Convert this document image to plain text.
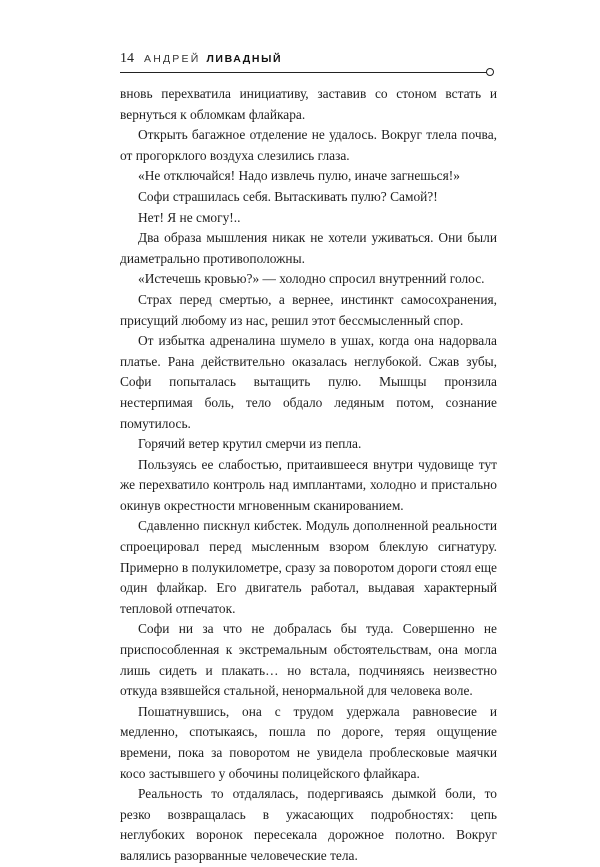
14 АНДРЕЙ ЛИВАДНЫЙ

вновь перехватила инициативу, заставив со стоном встать и вернуться к обломкам флайкара.

Открыть багажное отделение не удалось. Вокруг тлела почва, от прогорклого воздуха слезились глаза.

«Не отключайся! Надо извлечь пулю, иначе загнешься!»

Софи страшилась себя. Вытаскивать пулю? Самой?!

Нет! Я не смогу!..

Два образа мышления никак не хотели уживаться. Они были диаметрально противоположны.

«Истечешь кровью?» — холодно спросил внутренний голос.

Страх перед смертью, а вернее, инстинкт самосохранения, присущий любому из нас, решил этот бессмысленный спор.

От избытка адреналина шумело в ушах, когда она надорвала платье. Рана действительно оказалась неглубокой. Сжав зубы, Софи попыталась вытащить пулю. Мышцы пронзила нестерпимая боль, тело обдало ледяным потом, сознание помутилось.

Горячий ветер крутил смерчи из пепла.

Пользуясь ее слабостью, притаившееся внутри чудовище тут же перехватило контроль над имплантами, холодно и пристально окинув окрестности мгновенным сканированием.

Сдавленно пискнул кибстек. Модуль дополненной реальности спроецировал перед мысленным взором блеклую сигнатуру. Примерно в полукилометре, сразу за поворотом дороги стоял еще один флайкар. Его двигатель работал, выдавая характерный тепловой отпечаток.

Софи ни за что не добралась бы туда. Совершенно не приспособленная к экстремальным обстоятельствам, она могла лишь сидеть и плакать… но встала, подчиняясь неизвестно откуда взявшейся стальной, ненормальной для человека воле.

Пошатнувшись, она с трудом удержала равновесие и медленно, спотыкаясь, пошла по дороге, теряя ощущение времени, пока за поворотом не увидела проблесковые маячки косо застывшего у обочины полицейского флайкара.

Реальность то отдалялась, подергиваясь дымкой боли, то резко возвращалась в ужасающих подробностях: цепь неглубоких воронок пересекала дорожное полотно. Вокруг валялись разорванные человеческие тела.
